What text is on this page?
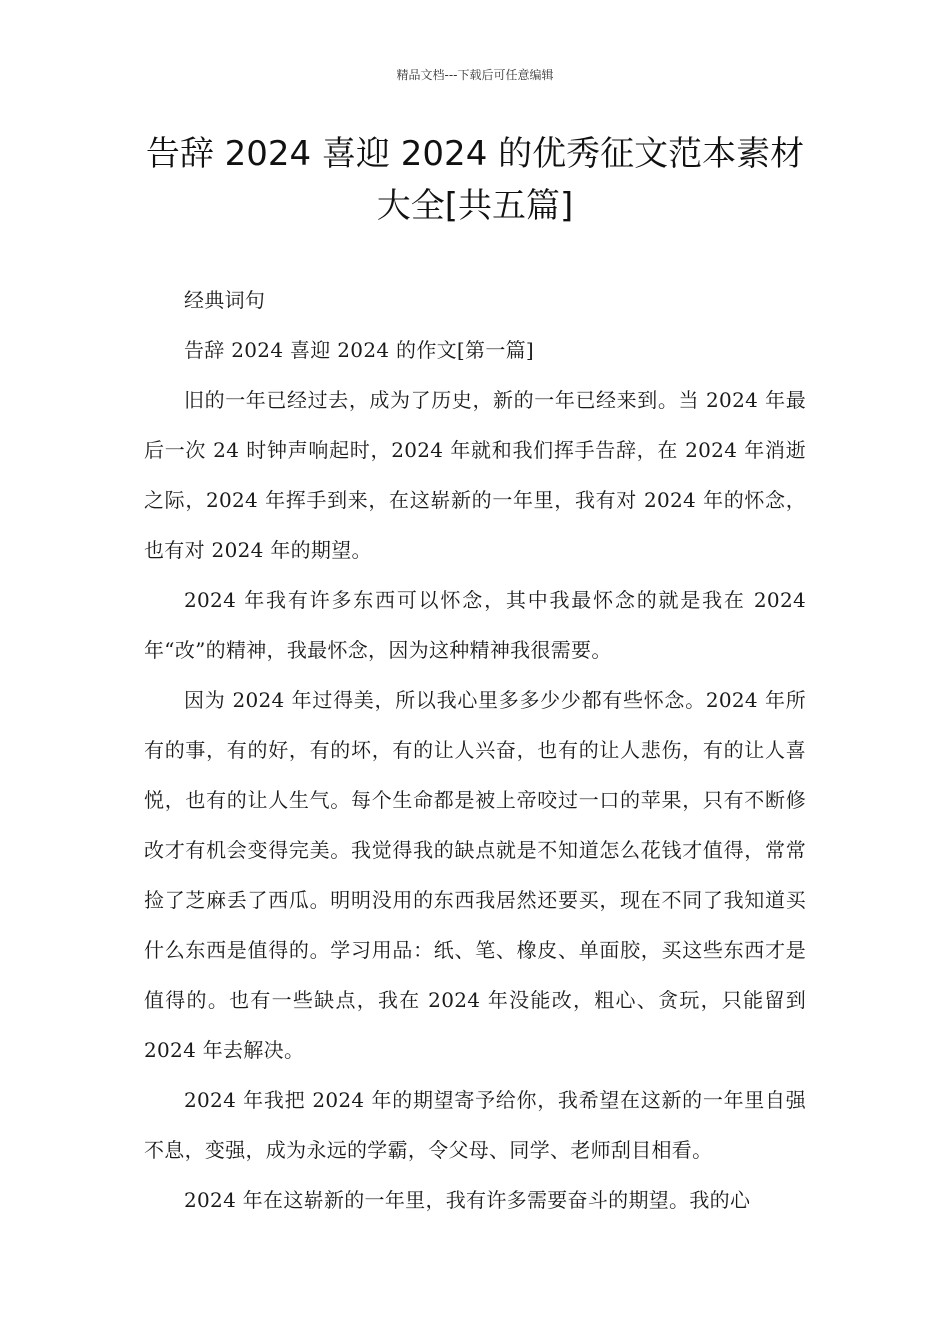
精品文档---下载后可任意编辑
告辞 2024 喜迎 2024 的优秀征文范本素材大全[共五篇]

经典词句

告辞 2024 喜迎 2024 的作文[第一篇]

旧的一年已经过去，成为了历史，新的一年已经来到。当 2024 年最后一次 24 时钟声响起时，2024 年就和我们挥手告辞，在 2024 年消逝之际，2024 年挥手到来，在这崭新的一年里，我有对 2024 年的怀念，也有对 2024 年的期望。

2024 年我有许多东西可以怀念，其中我最怀念的就是我在 2024 年“改”的精神，我最怀念，因为这种精神我很需要。

因为 2024 年过得美，所以我心里多多少少都有些怀念。2024 年所有的事，有的好，有的坏，有的让人兴奋，也有的让人悲伤，有的让人喜悦，也有的让人生气。每个生命都是被上帝咬过一口的苹果，只有不断修改才有机会变得完美。我觉得我的缺点就是不知道怎么花钱才值得，常常捡了芝麻丢了西瓜。明明没用的东西我居然还要买，现在不同了我知道买什么东西是值得的。学习用品：纸、笔、橡皮、单面胶，买这些东西才是值得的。也有一些缺点，我在 2024 年没能改，粗心、贪玩，只能留到 2024 年去解决。

2024 年我把 2024 年的期望寄予给你，我希望在这新的一年里自强不息，变强，成为永远的学霸，令父母、同学、老师刮目相看。

2024 年在这崭新的一年里，我有许多需要奋斗的期望。我的心
